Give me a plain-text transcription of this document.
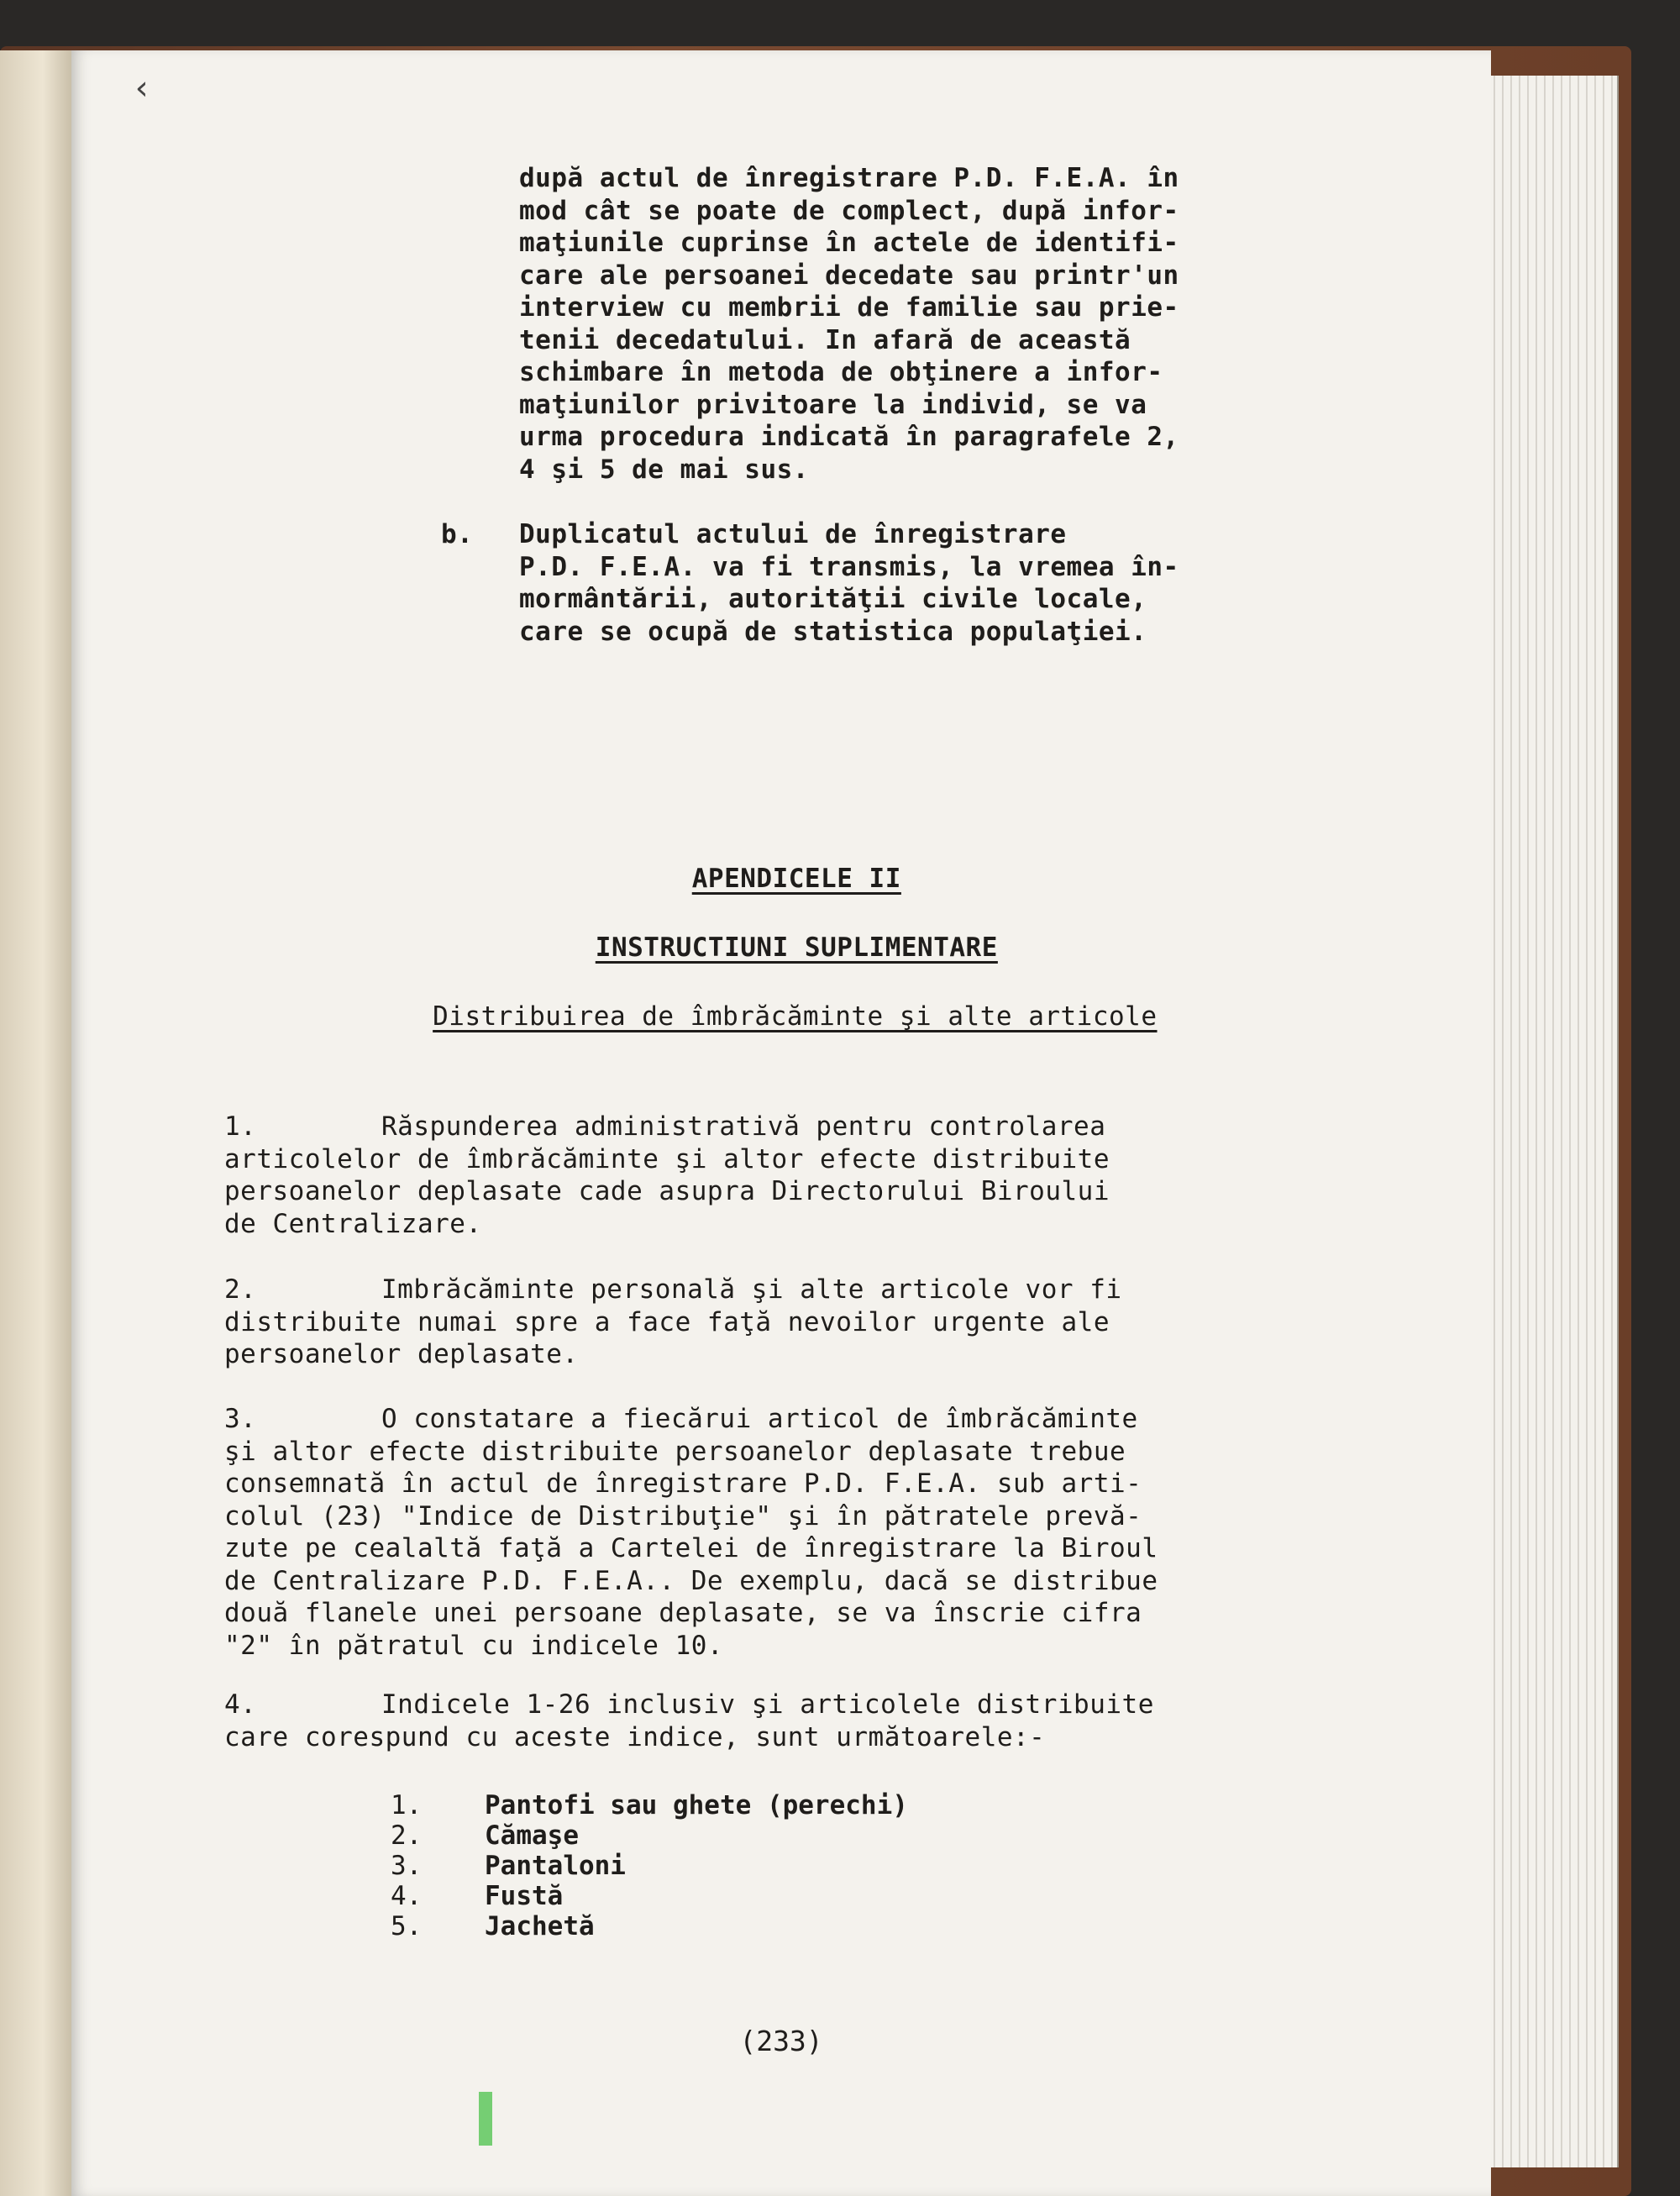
‹
după actul de înregistrare P.D. F.E.A. în
mod cât se poate de complect, după infor-
maţiunile cuprinse în actele de identifi-
care ale persoanei decedate sau printr'un
interview cu membrii de familie sau prie-
tenii decedatului. In afară de această
schimbare în metoda de obţinere a infor-
maţiunilor privitoare la individ, se va
urma procedura indicată în paragrafele 2,
4 şi 5 de mai sus.
b. Duplicatul actului de înregistrare
P.D. F.E.A. va fi transmis, la vremea în-
mormântării, autorităţii civile locale,
care se ocupă de statistica populaţiei.

APENDICELE II

INSTRUCTIUNI SUPLIMENTARE

Distribuirea de îmbrăcăminte şi alte articole

1.	Răspunderea administrativă pentru controlarea
articolelor de îmbrăcăminte şi altor efecte distribuite
persoanelor deplasate cade asupra Directorului Biroului
de Centralizare.
2.	Imbrăcăminte personală şi alte articole vor fi
distribuite numai spre a face faţă nevoilor urgente ale
persoanelor deplasate.
3.	O constatare a fiecărui articol de îmbrăcăminte
şi altor efecte distribuite persoanelor deplasate trebue
consemnată în actul de înregistrare P.D. F.E.A. sub arti-
colul (23) "Indice de Distribuţie" şi în pătratele prevă-
zute pe cealaltă faţă a Cartelei de înregistrare la Biroul
de Centralizare P.D. F.E.A.. De exemplu, dacă se distribue
două flanele unei persoane deplasate, se va înscrie cifra
"2" în pătratul cu indicele 10.
4.	Indicele 1-26 inclusiv şi articolele distribuite
care corespund cu aceste indice, sunt următoarele:-
1. Pantofi sau ghete (perechi)
2. Cămaşe
3. Pantaloni
4. Fustă
5. Jachetă
(233)
